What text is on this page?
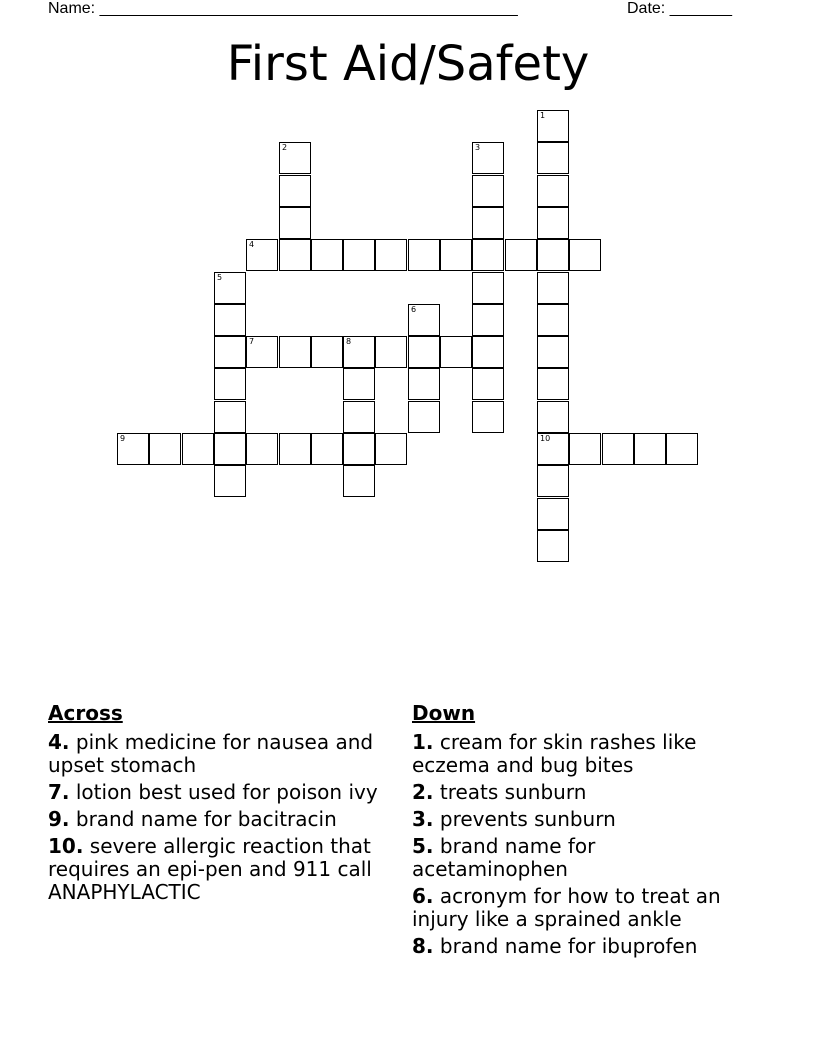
Name: _______________________________________________	Date: _______
First Aid/Safety
1
10
2	3
4
5
6
7	8
9
Across
4. pink medicine for nausea and upset stomach
7. lotion best used for poison ivy
9. brand name for bacitracin
10. severe allergic reaction that requires an epi-pen and 911 call ANAPHYLACTIC
Down
1. cream for skin rashes like eczema and bug bites
2. treats sunburn
3. prevents sunburn
5. brand name for acetaminophen
6. acronym for how to treat an injury like a sprained ankle
8. brand name for ibuprofen
